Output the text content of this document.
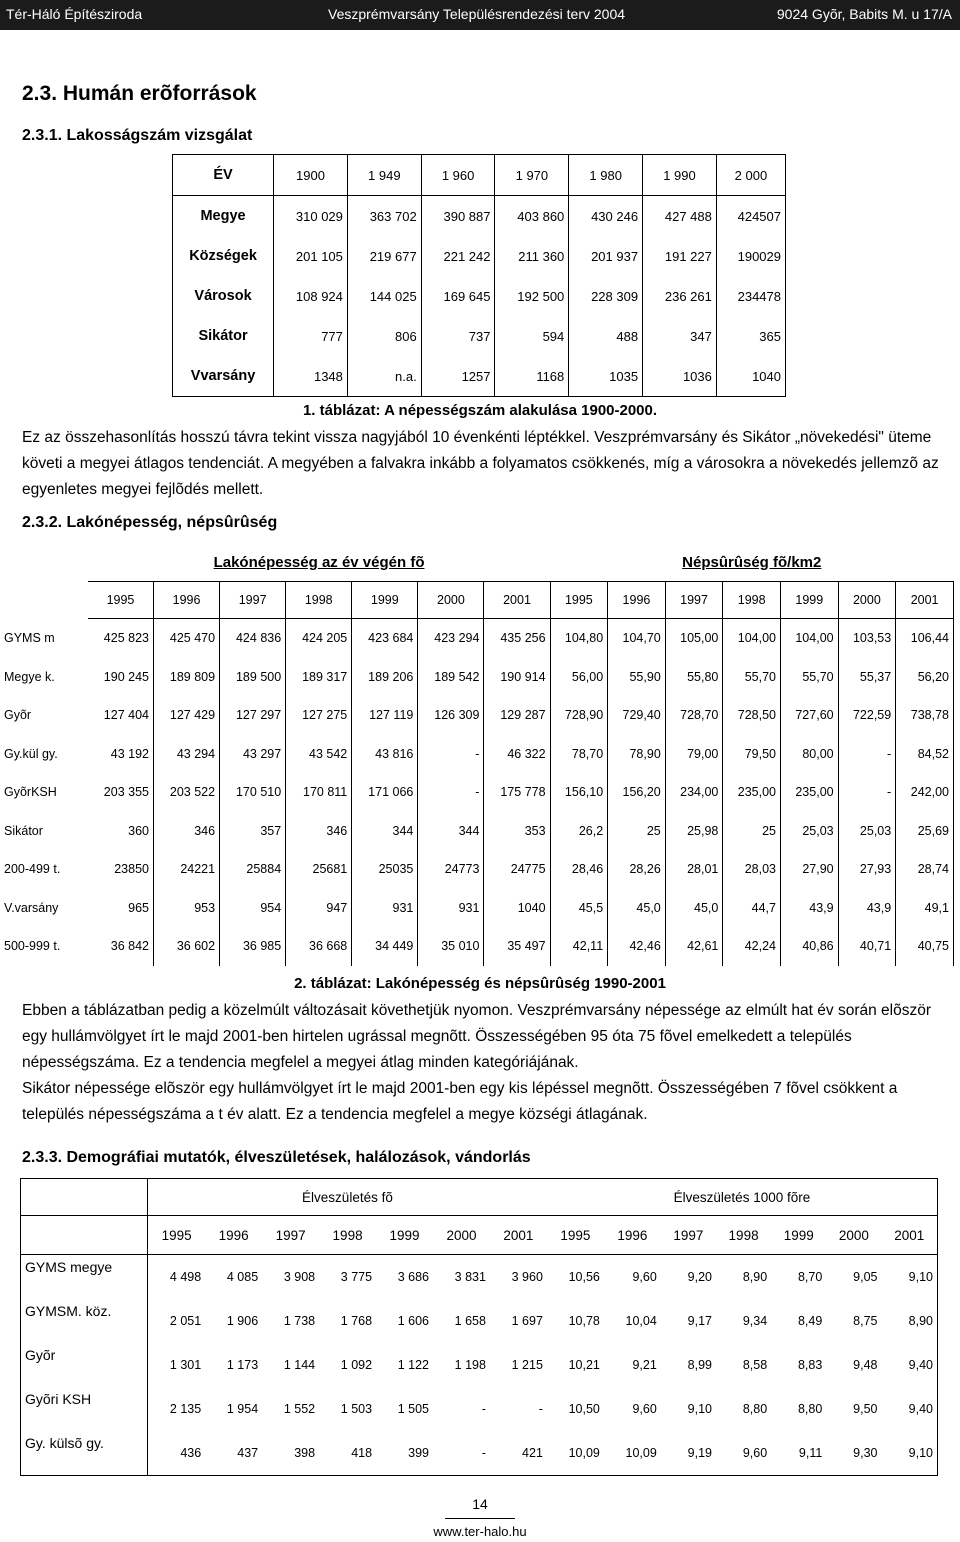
Tér-Háló Építésziroda	Veszprémvarsány Településrendezési terv 2004	9024 Gyõr, Babits M. u 17/A
2.3. Humán erõforrások
2.3.1. Lakosságszám vizsgálat
ÉV	1900	1 949	1 960	1 970	1 980	1 990	2 000
Megye	310 029	363 702	390 887	403 860	430 246	427 488	424507
Községek	201 105	219 677	221 242	211 360	201 937	191 227	190029
Városok	108 924	144 025	169 645	192 500	228 309	236 261	234478
Sikátor	777	806	737	594	488	347	365
Vvarsány	1348	n.a.	1257	1168	1035	1036	1040
1. táblázat: A népességszám alakulása 1900-2000.
Ez az összehasonlítás hosszú távra tekint vissza nagyjából 10 évenkénti léptékkel. Veszprémvarsány és Sikátor „növekedési" üteme követi a megyei átlagos tendenciát. A megyében a falvakra inkább a folyamatos csökkenés, míg a városokra a növekedés jellemzõ az egyenletes megyei fejlõdés mellett.
2.3.2. Lakónépesség, népsûrûség
	Lakónépesség az év végén fõ							Népsûrûség fõ/km2						
	1995	1996	1997	1998	1999	2000	2001	1995	1996	1997	1998	1999	2000	2001
GYMS m	425 823	425 470	424 836	424 205	423 684	423 294	435 256	104,80	104,70	105,00	104,00	104,00	103,53	106,44
Megye k.	190 245	189 809	189 500	189 317	189 206	189 542	190 914	56,00	55,90	55,80	55,70	55,70	55,37	56,20
Gyõr	127 404	127 429	127 297	127 275	127 119	126 309	129 287	728,90	729,40	728,70	728,50	727,60	722,59	738,78
Gy.kül gy.	43 192	43 294	43 297	43 542	43 816	-	46 322	78,70	78,90	79,00	79,50	80,00	-	84,52
GyõrKSH	203 355	203 522	170 510	170 811	171 066	-	175 778	156,10	156,20	234,00	235,00	235,00	-	242,00
Sikátor	360	346	357	346	344	344	353	26,2	25	25,98	25	25,03	25,03	25,69
200-499 t.	23850	24221	25884	25681	25035	24773	24775	28,46	28,26	28,01	28,03	27,90	27,93	28,74
V.varsány	965	953	954	947	931	931	1040	45,5	45,0	45,0	44,7	43,9	43,9	49,1
500-999 t.	36 842	36 602	36 985	36 668	34 449	35 010	35 497	42,11	42,46	42,61	42,24	40,86	40,71	40,75
2. táblázat: Lakónépesség és népsûrûség 1990-2001
Ebben a táblázatban pedig a közelmúlt változásait követhetjük nyomon. Veszprémvarsány népessége az elmúlt hat év során elõször egy hullámvölgyet írt le majd 2001-ben hirtelen ugrással megnõtt. Összességében 95 óta 75 fõvel emelkedett a település népességszáma. Ez a tendencia megfelel a megyei átlag minden kategóriájának.
Sikátor népessége elõször egy hullámvölgyet írt le majd 2001-ben egy kis lépéssel megnõtt. Összességében 7 fõvel csökkent a település népességszáma a t év alatt. Ez a tendencia megfelel a megye községi átlagának.
2.3.3. Demográfiai mutatók, élveszületések, halálozások, vándorlás
	Élveszületés fõ							Élveszületés 1000 fõre						
	1995	1996	1997	1998	1999	2000	2001	1995	1996	1997	1998	1999	2000	2001
GYMS megye	4 498	4 085	3 908	3 775	3 686	3 831	3 960	10,56	9,60	9,20	8,90	8,70	9,05	9,10
GYMSM. köz.	2 051	1 906	1 738	1 768	1 606	1 658	1 697	10,78	10,04	9,17	9,34	8,49	8,75	8,90
Gyõr	1 301	1 173	1 144	1 092	1 122	1 198	1 215	10,21	9,21	8,99	8,58	8,83	9,48	9,40
Gyõri KSH	2 135	1 954	1 552	1 503	1 505	-	-	10,50	9,60	9,10	8,80	8,80	9,50	9,40
Gy. külsõ gy.	436	437	398	418	399	-	421	10,09	10,09	9,19	9,60	9,11	9,30	9,10
14
www.ter-halo.hu
